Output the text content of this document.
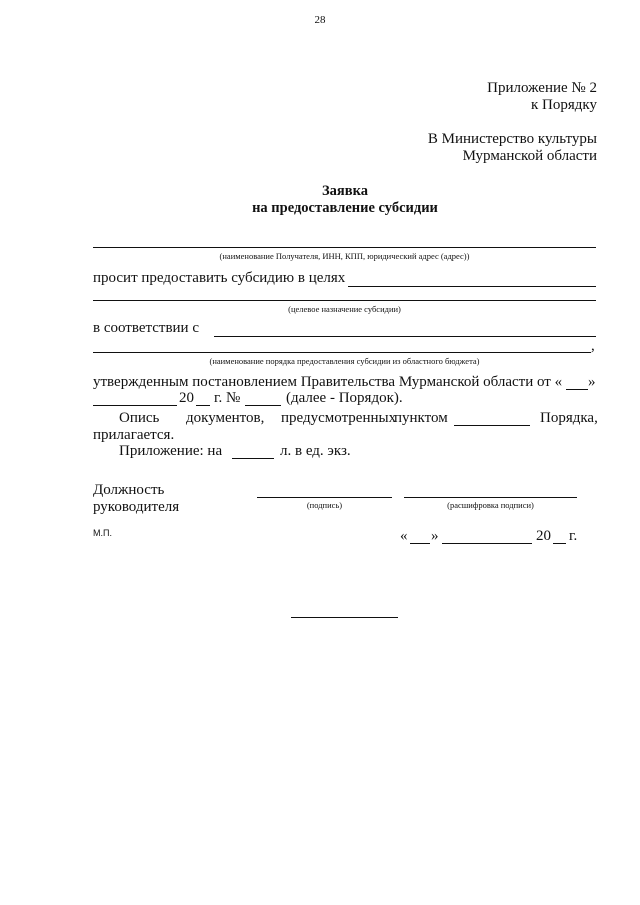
28
Приложение № 2
к Порядку
В Министерство культуры
Мурманской области
Заявка
на предоставление субсидии
(наименование Получателя, ИНН, КПП, юридический адрес (адрес))
просит предоставить субсидию в целях
(целевое назначение субсидии)
в соответствии с
,
(наименование порядка предоставления субсидии из областного бюджета)
утвержденным постановлением Правительства Мурманской области от « »
20 г. №	(далее - Порядок).
Опись документов, предусмотренных
пунктом	Порядка,
прилагается.
Приложение: на	л. в ед. экз.
Должность
руководителя	(подпись)	(расшифровка подписи)
М.П.	« »	20 г.
